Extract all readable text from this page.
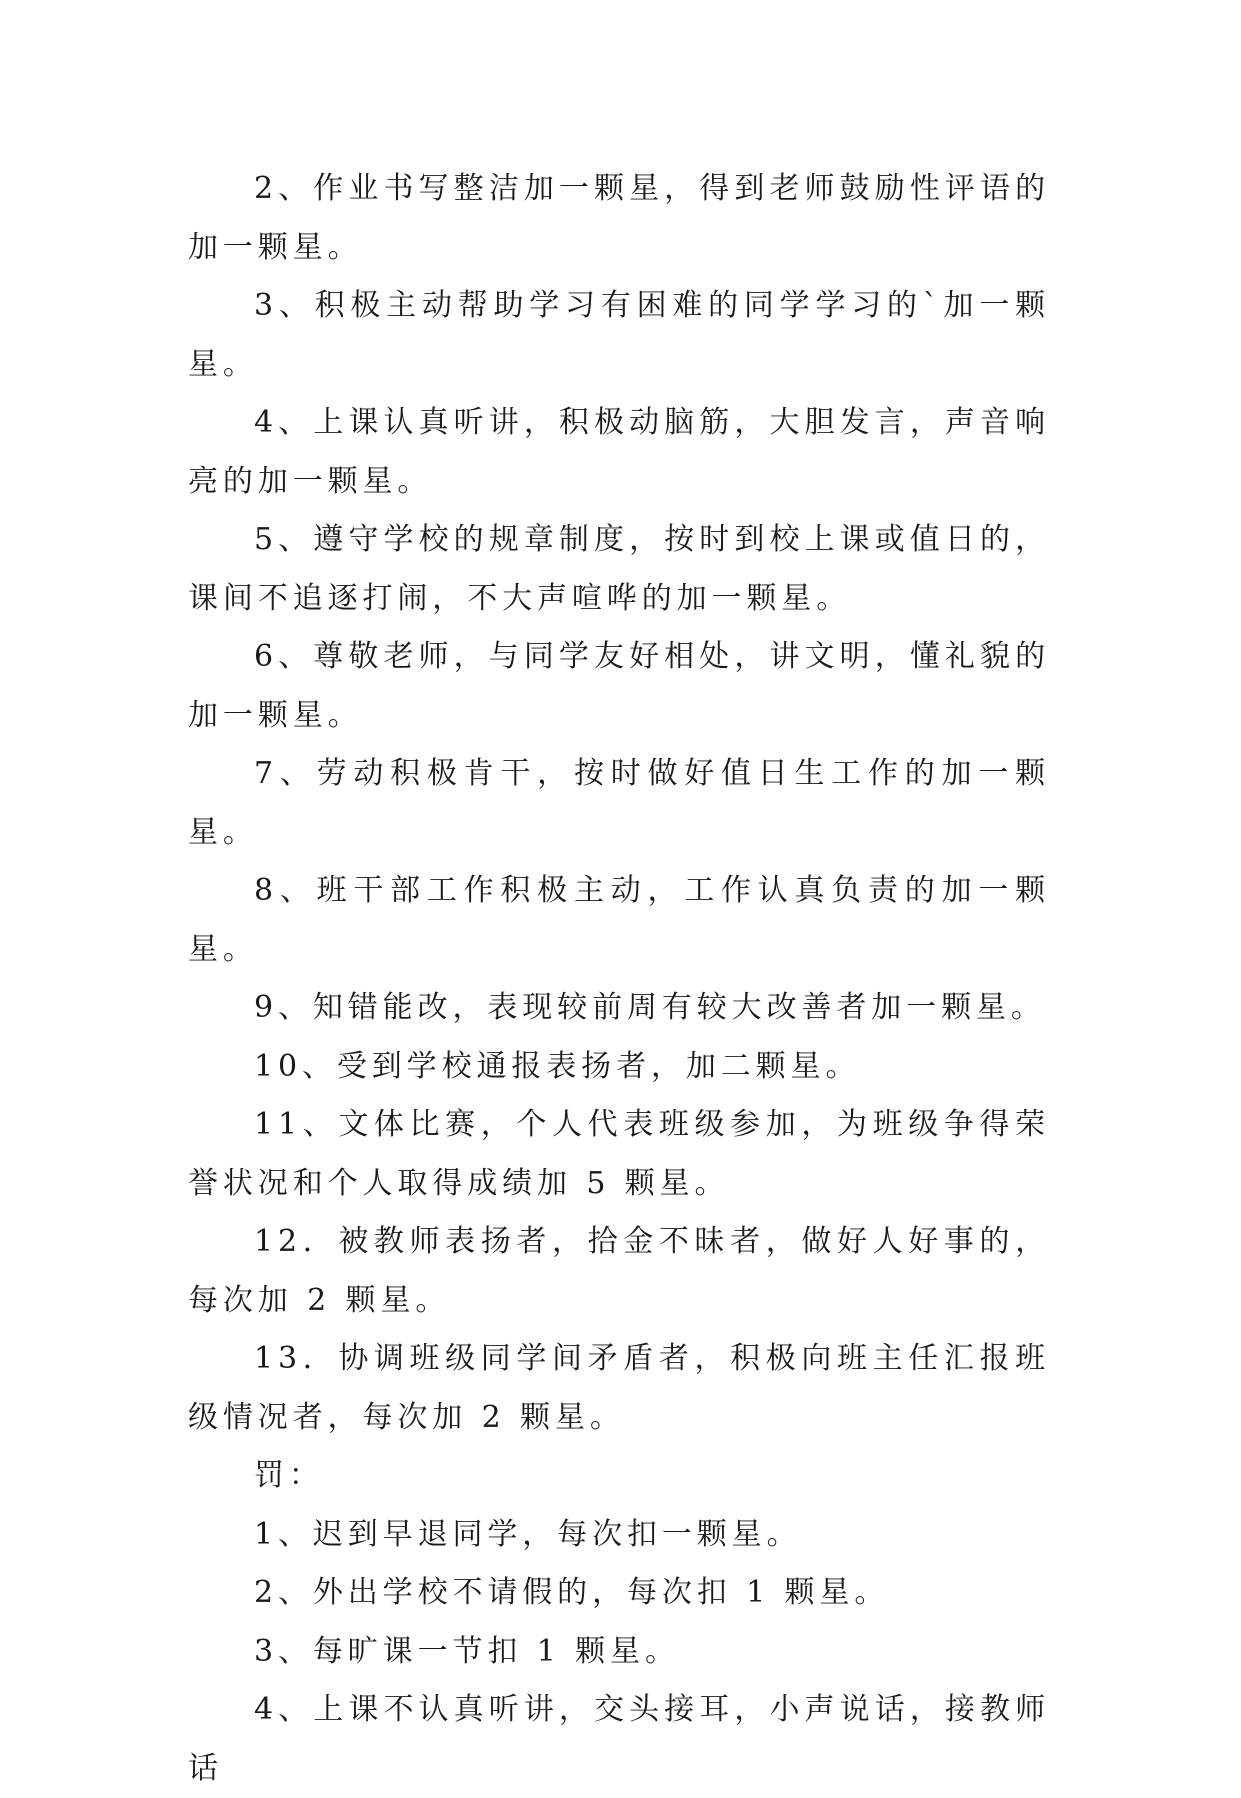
2、作业书写整洁加一颗星，得到老师鼓励性评语的加一颗星。

3、积极主动帮助学习有困难的同学学习的`加一颗星。

4、上课认真听讲，积极动脑筋，大胆发言，声音响亮的加一颗星。

5、遵守学校的规章制度，按时到校上课或值日的，课间不追逐打闹，不大声喧哗的加一颗星。

6、尊敬老师，与同学友好相处，讲文明，懂礼貌的加一颗星。

7、劳动积极肯干，按时做好值日生工作的加一颗星。

8、班干部工作积极主动，工作认真负责的加一颗星。

9、知错能改，表现较前周有较大改善者加一颗星。

10、受到学校通报表扬者，加二颗星。

11、文体比赛，个人代表班级参加，为班级争得荣誉状况和个人取得成绩加 5 颗星。

12．被教师表扬者，拾金不昧者，做好人好事的，每次加 2 颗星。

13．协调班级同学间矛盾者，积极向班主任汇报班级情况者，每次加 2 颗星。

罚：

1、迟到早退同学，每次扣一颗星。

2、外出学校不请假的，每次扣 1 颗星。

3、每旷课一节扣 1 颗星。

4、上课不认真听讲，交头接耳，小声说话，接教师话
